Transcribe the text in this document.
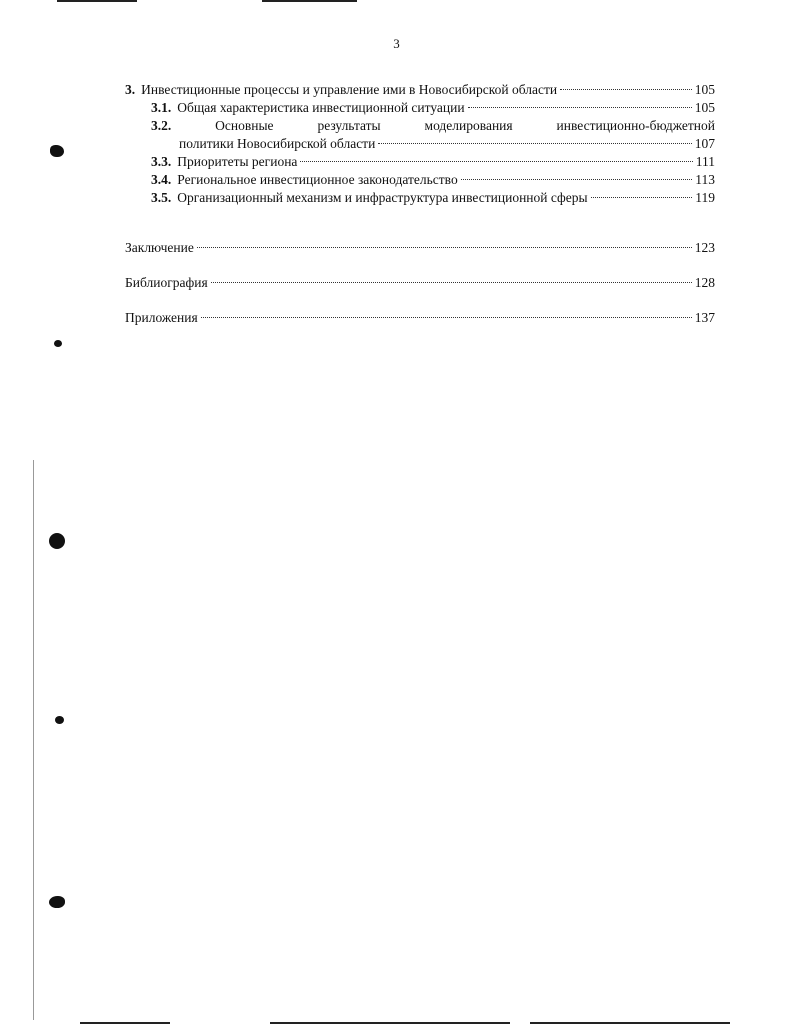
3
3. Инвестиционные процессы и управление ими в Новосибирской области	105
3.1. Общая характеристика инвестиционной ситуации	105
3.2.	Основные	результаты	моделирования	инвестиционно-бюджетной
политики Новосибирской области	107
3.3. Приоритеты региона	111
3.4. Региональное инвестиционное законодательство	113
3.5. Организационный механизм и инфраструктура инвестиционной сферы	119
Заключение	123
Библиография	128
Приложения	137
